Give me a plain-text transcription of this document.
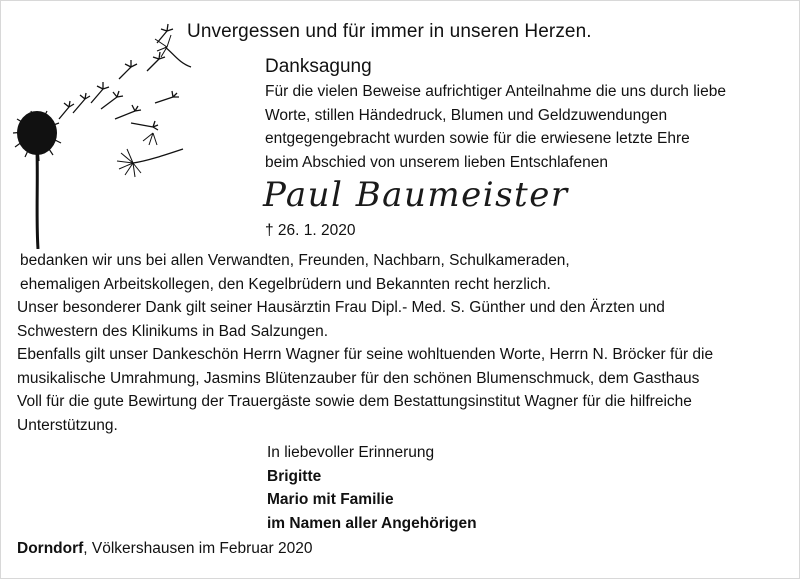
Unvergessen und für immer in unseren Herzen.
Danksagung
Für die vielen Beweise aufrichtiger Anteilnahme die uns durch liebe
Worte, stillen Händedruck, Blumen und Geldzuwendungen
entgegengebracht wurden sowie für die erwiesene letzte Ehre
beim Abschied von unserem lieben Entschlafenen
Paul Baumeister
† 26. 1. 2020
bedanken wir uns bei allen Verwandten, Freunden, Nachbarn, Schulkameraden,
ehemaligen Arbeitskollegen, den Kegelbrüdern und Bekannten recht herzlich.
Unser besonderer Dank gilt seiner Hausärztin Frau Dipl.- Med. S. Günther und den Ärzten und
Schwestern des Klinikums in Bad Salzungen.
Ebenfalls gilt unser Dankeschön Herrn Wagner für seine wohltuenden Worte, Herrn N. Bröcker für die
musikalische Umrahmung, Jasmins Blütenzauber für den schönen Blumenschmuck, dem Gasthaus
Voll für die gute Bewirtung der Trauergäste sowie dem Bestattungsinstitut Wagner für die hilfreiche
Unterstützung.
In liebevoller Erinnerung
Brigitte
Mario mit Familie
im Namen aller Angehörigen
Dorndorf, Völkershausen im Februar 2020
